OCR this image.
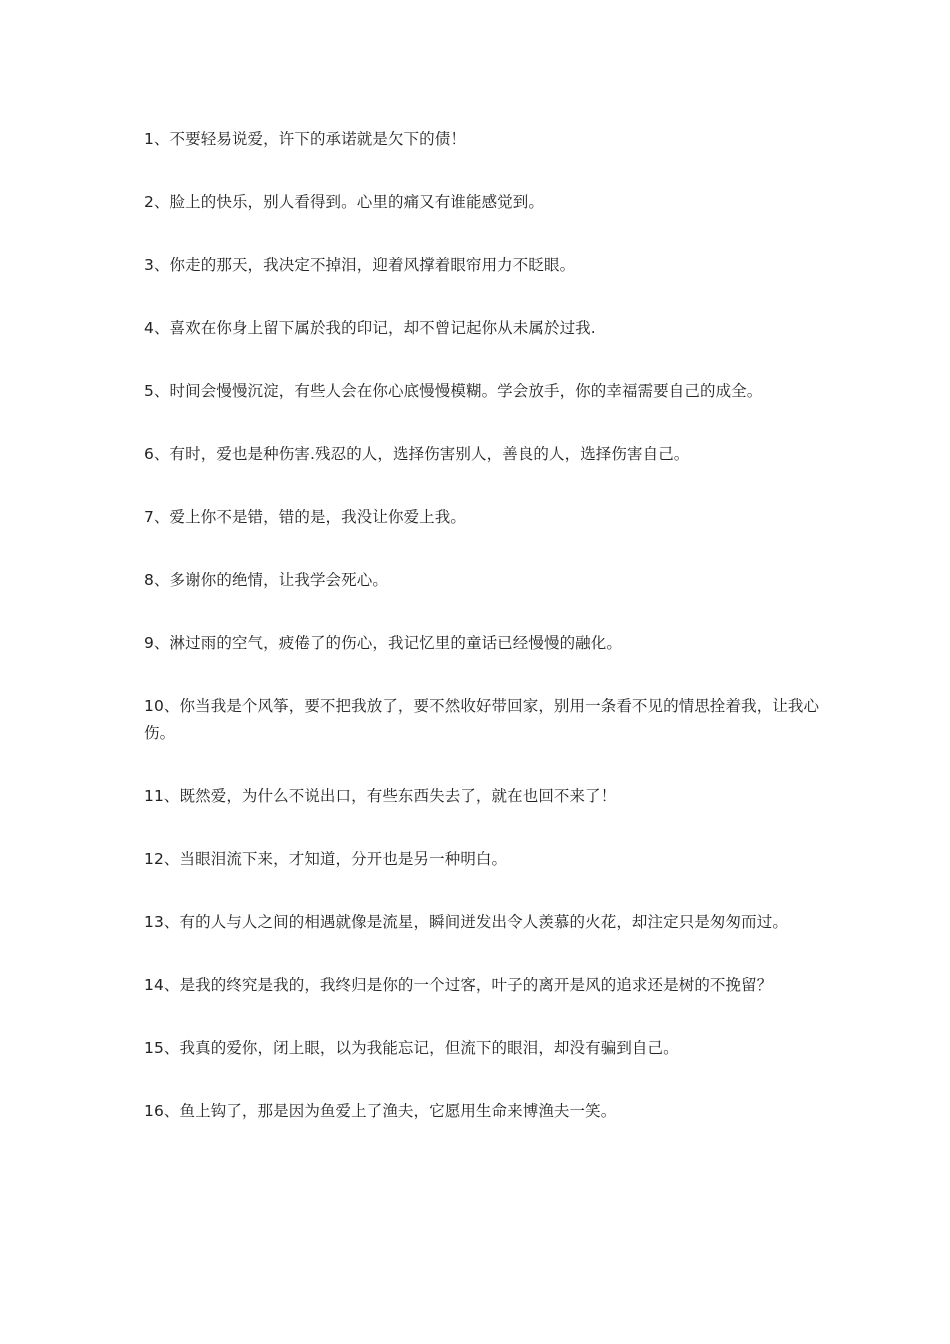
1、不要轻易说爱，许下的承诺就是欠下的债！

2、脸上的快乐，别人看得到。心里的痛又有谁能感觉到。

3、你走的那天，我决定不掉泪，迎着风撑着眼帘用力不眨眼。

4、喜欢在你身上留下属於我的印记，却不曾记起你从未属於过我.

5、时间会慢慢沉淀，有些人会在你心底慢慢模糊。学会放手，你的幸福需要自己的成全。

6、有时，爱也是种伤害.残忍的人，选择伤害别人，善良的人，选择伤害自己。

7、爱上你不是错，错的是，我没让你爱上我。

8、多谢你的绝情，让我学会死心。

9、淋过雨的空气，疲倦了的伤心，我记忆里的童话已经慢慢的融化。

10、你当我是个风筝，要不把我放了，要不然收好带回家，别用一条看不见的情思拴着我，让我心伤。

11、既然爱，为什么不说出口，有些东西失去了，就在也回不来了！

12、当眼泪流下来，才知道，分开也是另一种明白。

13、有的人与人之间的相遇就像是流星，瞬间迸发出令人羡慕的火花，却注定只是匆匆而过。

14、是我的终究是我的，我终归是你的一个过客，叶子的离开是风的追求还是树的不挽留？

15、我真的爱你，闭上眼，以为我能忘记，但流下的眼泪，却没有骗到自己。

16、鱼上钩了，那是因为鱼爱上了渔夫，它愿用生命来博渔夫一笑。
